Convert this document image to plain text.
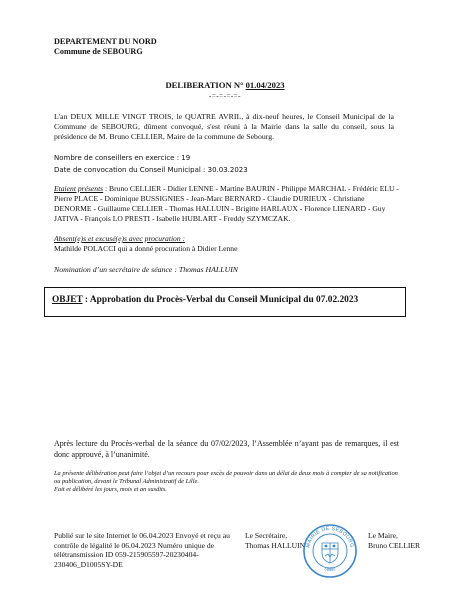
DEPARTEMENT DU NORD
Commune de SEBOURG
DELIBERATION N° 01.04/2023
-=-=-=-=-
L'an DEUX MILLE VINGT TROIS, le QUATRE AVRIL, à dix-neuf heures, le Conseil Municipal de la Commune de SEBOURG, dûment convoqué, s'est réuni à la Mairie dans la salle du conseil, sous la présidence de M. Bruno CELLIER, Maire de la commune de Sebourg.
Nombre de conseillers en exercice : 19
Date de convocation du Conseil Municipal : 30.03.2023
Etaient présents : Bruno CELLIER - Didier LENNE - Martine BAURIN - Philippe MARCHAL - Frédéric ELU - Pierre PLACE - Dominique BUSSIGNIES - Jean-Marc BERNARD - Claudie DURIEUX - Christiane DENORME - Guillaume CELLIER - Thomas HALLUIN - Brigitte HARLAUX - Florence LIENARD - Guy JATIVA - François LO PRESTI - Isabelle HUBLART - Freddy SZYMCZAK.
Absent(e)s et excusé(e)s avec procuration :
Mathilde POLACCI qui a donné procuration à Didier Lenne
Nomination d’un secrétaire de séance : Thomas HALLUIN
OBJET : Approbation du Procès-Verbal du Conseil Municipal du 07.02.2023
Après lecture du Procès-verbal de la séance du 07/02/2023, l’Assemblée n’ayant pas de remarques, il est donc approuvé, à l’unanimité.
La présente délibération peut faire l’objet d’un recours pour excès de pouvoir dans un délai de deux mois à compter de sa notification ou publication, devant le Tribunal Administratif de Lille.
Fait et délibéré les jours, mois et an susdits.
Publié sur le site Internet le 06.04.2023 Envoyé et reçu au contrôle de légalité le 06.04.2023 Numéro unique de télétransmission ID 059-215905597-20230404-230406_D1005SY-DE
Le Secrétaire,
Thomas HALLUIN MAIRIE DE SEBOURG
59990
Le Maire,
Bruno CELLIER
